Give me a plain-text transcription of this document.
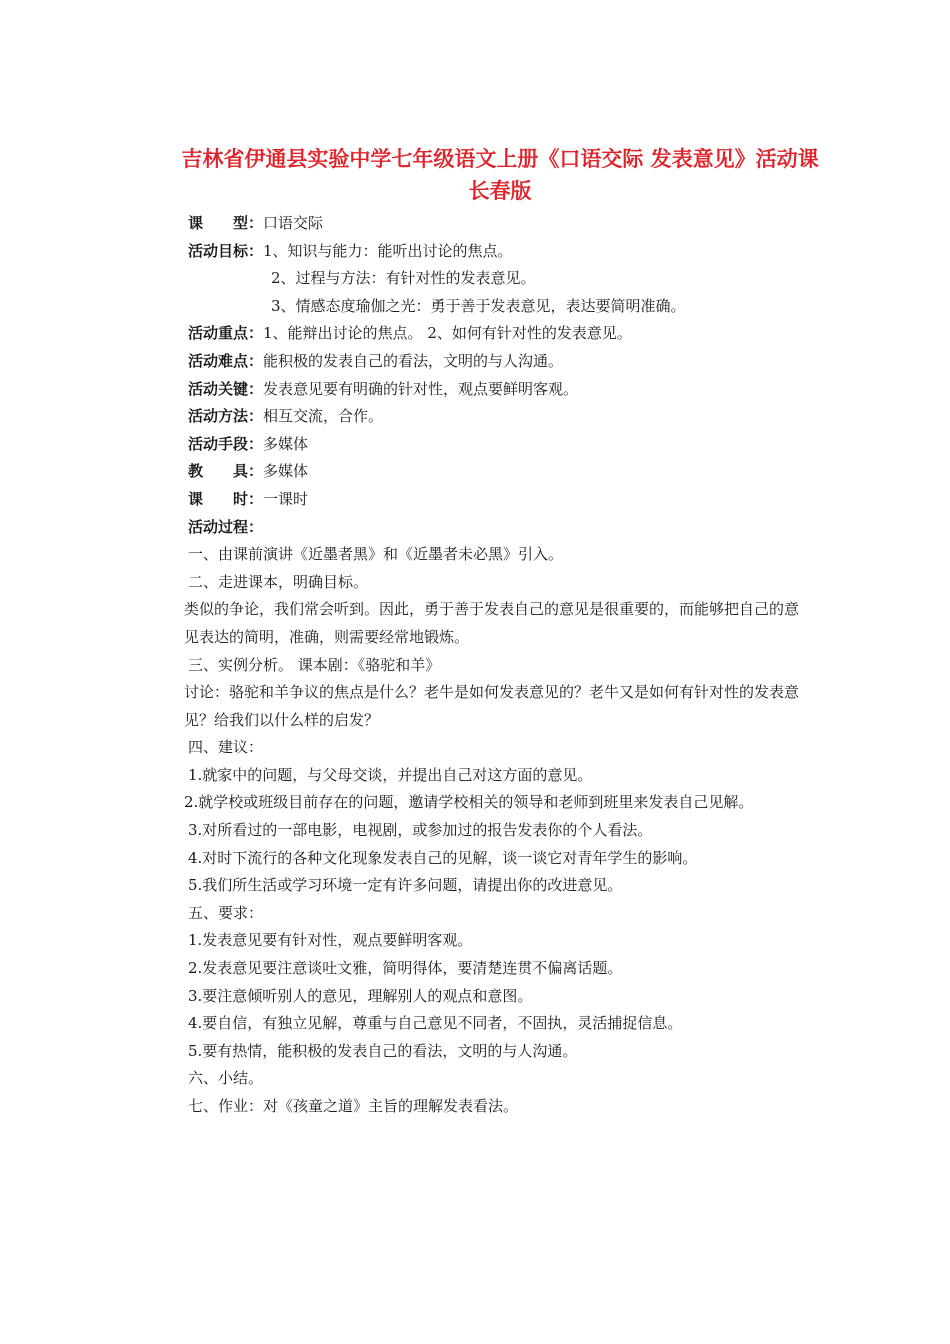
吉林省伊通县实验中学七年级语文上册《口语交际 发表意见》活动课 长春版
课　　型：口语交际
活动目标：1、知识与能力：能听出讨论的焦点。
2、过程与方法：有针对性的发表意见。
3、情感态度瑜伽之光：勇于善于发表意见，表达要简明准确。
活动重点：1、能辩出讨论的焦点。 2、如何有针对性的发表意见。
活动难点：能积极的发表自己的看法，文明的与人沟通。
活动关键：发表意见要有明确的针对性，观点要鲜明客观。
活动方法：相互交流，合作。
活动手段：多媒体
教　　具：多媒体
课　　时：一课时
活动过程：
一、由课前演讲《近墨者黑》和《近墨者未必黑》引入。
二、走进课本，明确目标。
类似的争论，我们常会听到。因此，勇于善于发表自己的意见是很重要的，而能够把自己的意见表达的简明，准确，则需要经常地锻炼。
三、实例分析。 课本剧：《骆驼和羊》
讨论：骆驼和羊争议的焦点是什么？老牛是如何发表意见的？老牛又是如何有针对性的发表意见？给我们以什么样的启发？
四、建议：
1.就家中的问题，与父母交谈，并提出自己对这方面的意见。
2.就学校或班级目前存在的问题，邀请学校相关的领导和老师到班里来发表自己见解。
3.对所看过的一部电影，电视剧，或参加过的报告发表你的个人看法。
4.对时下流行的各种文化现象发表自己的见解，谈一谈它对青年学生的影响。
5.我们所生活或学习环境一定有许多问题，请提出你的改进意见。
五、要求：
1.发表意见要有针对性，观点要鲜明客观。
2.发表意见要注意谈吐文雅，简明得体，要清楚连贯不偏离话题。
3.要注意倾听别人的意见，理解别人的观点和意图。
4.要自信，有独立见解，尊重与自己意见不同者，不固执，灵活捕捉信息。
5.要有热情，能积极的发表自己的看法，文明的与人沟通。
六、小结。
七、作业：对《孩童之道》主旨的理解发表看法。
